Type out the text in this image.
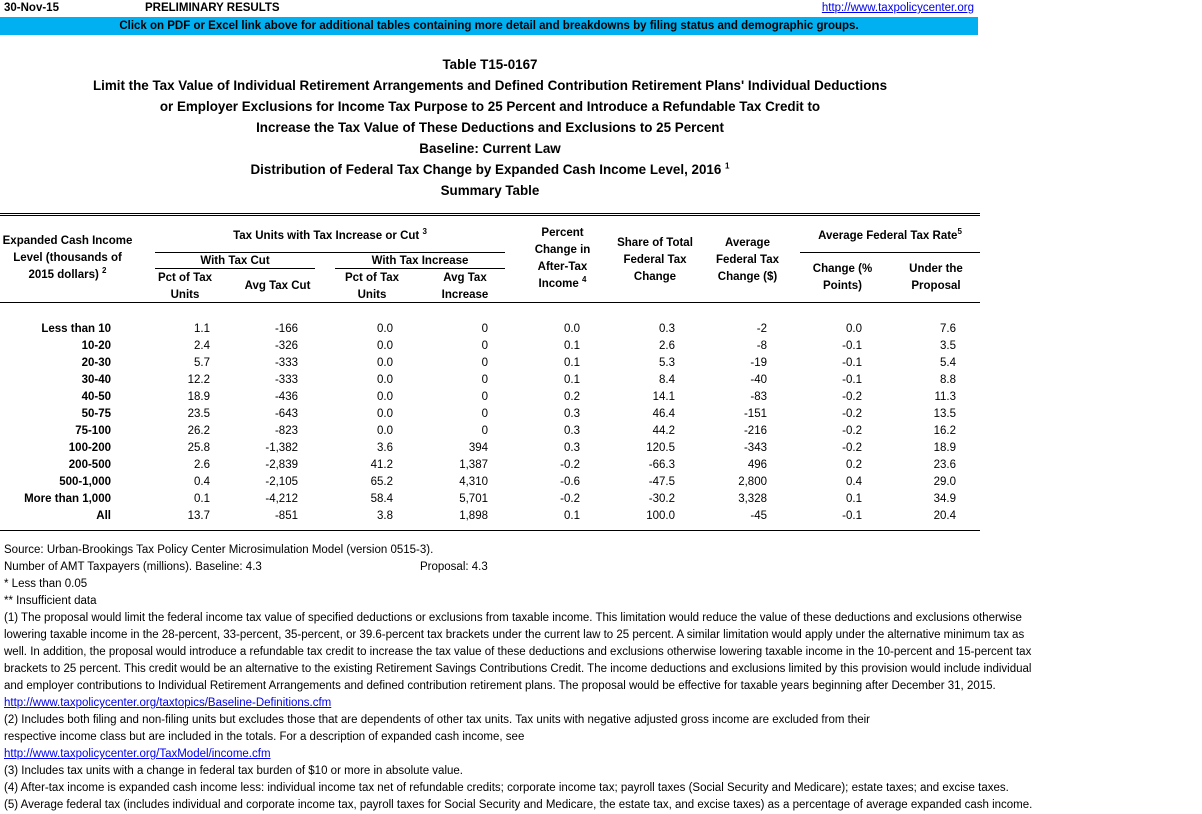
30-Nov-15	PRELIMINARY RESULTS	http://www.taxpolicycenter.org
Click on PDF or Excel link above for additional tables containing more detail and breakdowns by filing status and demographic groups.
Table T15-0167
Limit the Tax Value of Individual Retirement Arrangements and Defined Contribution Retirement Plans' Individual Deductions
or Employer Exclusions for Income Tax Purpose to 25 Percent and Introduce a Refundable Tax Credit to
Increase the Tax Value of These Deductions and Exclusions to 25 Percent
Baseline: Current Law
Distribution of Federal Tax Change by Expanded Cash Income Level, 2016 $^1$
Summary Table
Expanded Cash Income
Level (thousands of
2015 dollars) $^2$
Tax Units with Tax Increase or Cut $^3$
With Tax Cut	With Tax Increase
Pct of Tax
Units
Avg Tax Cut
Pct of Tax
Units
Avg Tax
Increase
Percent
Change in
After-Tax
Income $^4$
Share of Total
Federal Tax
Change
Average
Federal Tax
Change ($)
Average Federal Tax Rate$^5$
Change (%
Points)
Under the
Proposal
Less than 10	1.1	-166	0.0	0	0.0	0.3	-2	0.0	7.6
10-20	2.4	-326	0.0	0	0.1	2.6	-8	-0.1	3.5
20-30	5.7	-333	0.0	0	0.1	5.3	-19	-0.1	5.4
30-40	12.2	-333	0.0	0	0.1	8.4	-40	-0.1	8.8
40-50	18.9	-436	0.0	0	0.2	14.1	-83	-0.2	11.3
50-75	23.5	-643	0.0	0	0.3	46.4	-151	-0.2	13.5
75-100	26.2	-823	0.0	0	0.3	44.2	-216	-0.2	16.2
100-200	25.8	-1,382	3.6	394	0.3	120.5	-343	-0.2	18.9
200-500	2.6	-2,839	41.2	1,387	-0.2	-66.3	496	0.2	23.6
500-1,000	0.4	-2,105	65.2	4,310	-0.6	-47.5	2,800	0.4	29.0
More than 1,000	0.1	-4,212	58.4	5,701	-0.2	-30.2	3,328	0.1	34.9
All	13.7	-851	3.8	1,898	0.1	100.0	-45	-0.1	20.4
Source: Urban-Brookings Tax Policy Center Microsimulation Model (version 0515-3).
Number of AMT Taxpayers (millions). Baseline: 4.3	Proposal: 4.3
* Less than 0.05
** Insufficient data
(1) The proposal would limit the federal income tax value of specified deductions or exclusions from taxable income. This limitation would reduce the value of these deductions and exclusions otherwise
lowering taxable income in the 28-percent, 33-percent, 35-percent, or 39.6-percent tax brackets under the current law to 25 percent. A similar limitation would apply under the alternative minimum tax as
well. In addition, the proposal would introduce a refundable tax credit to increase the tax value of these deductions and exclusions otherwise lowering taxable income in the 10-percent and 15-percent tax
brackets to 25 percent. This credit would be an alternative to the existing Retirement Savings Contributions Credit. The income deductions and exclusions limited by this provision would include individual
and employer contributions to Individual Retirement Arrangements and defined contribution retirement plans. The proposal would be effective for taxable years beginning after December 31, 2015.
http://www.taxpolicycenter.org/taxtopics/Baseline-Definitions.cfm
(2) Includes both filing and non-filing units but excludes those that are dependents of other tax units. Tax units with negative adjusted gross income are excluded from their
respective income class but are included in the totals. For a description of expanded cash income, see
http://www.taxpolicycenter.org/TaxModel/income.cfm
(3) Includes tax units with a change in federal tax burden of $10 or more in absolute value.
(4) After-tax income is expanded cash income less: individual income tax net of refundable credits; corporate income tax; payroll taxes (Social Security and Medicare); estate taxes; and excise taxes.
(5) Average federal tax (includes individual and corporate income tax, payroll taxes for Social Security and Medicare, the estate tax, and excise taxes) as a percentage of average expanded cash income.
